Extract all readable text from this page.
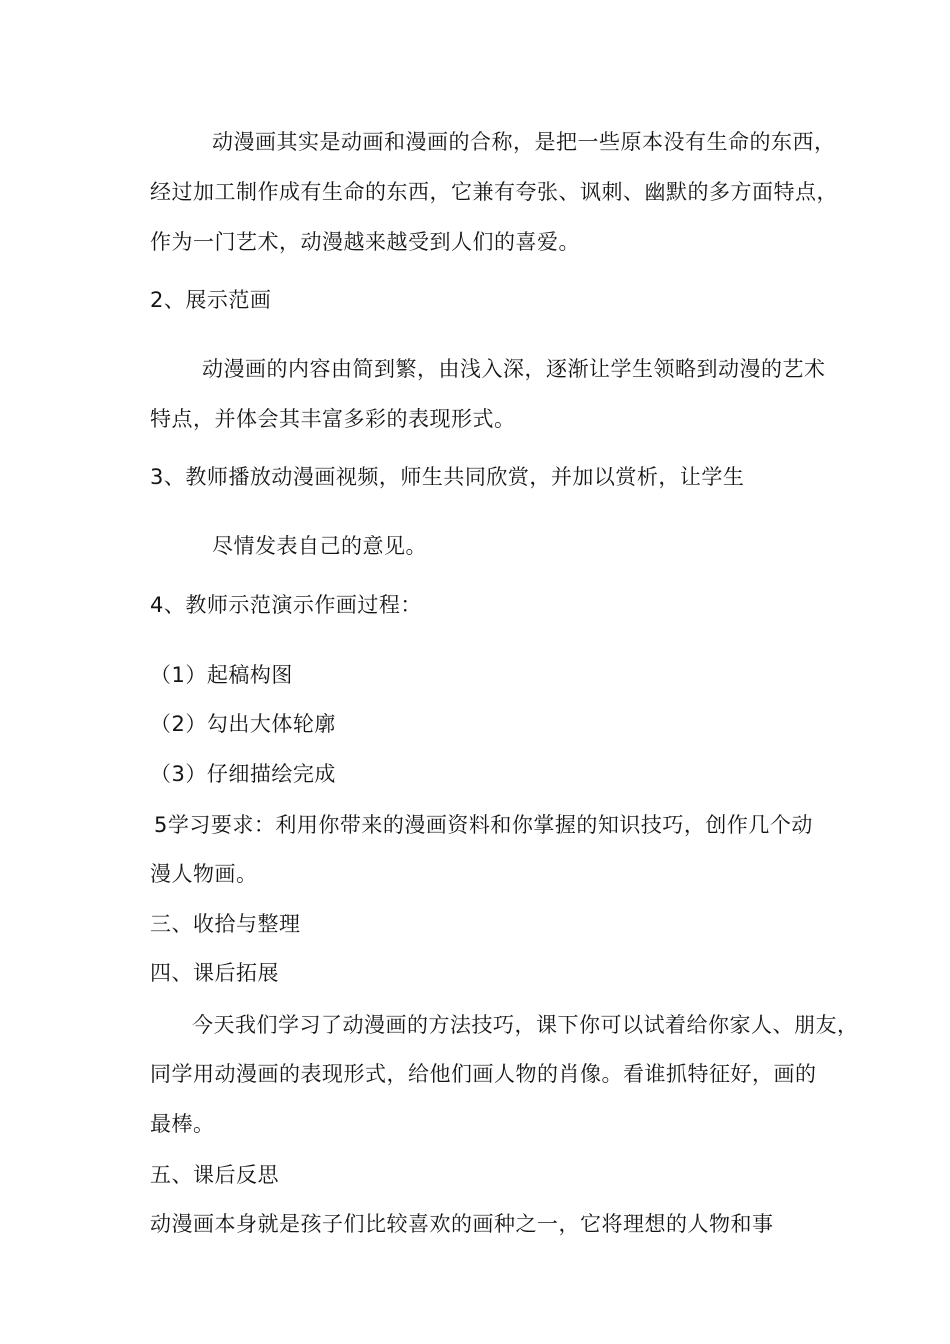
动漫画其实是动画和漫画的合称，是把一些原本没有生命的东西，
经过加工制作成有生命的东西，它兼有夸张、讽刺、幽默的多方面特点，
作为一门艺术，动漫越来越受到人们的喜爱。
2、展示范画
动漫画的内容由简到繁，由浅入深，逐渐让学生领略到动漫的艺术
特点，并体会其丰富多彩的表现形式。
3、教师播放动漫画视频，师生共同欣赏，并加以赏析，让学生
尽情发表自己的意见。
4、教师示范演示作画过程：
（1）起稿构图
（2）勾出大体轮廓
（3）仔细描绘完成
5学习要求：利用你带来的漫画资料和你掌握的知识技巧，创作几个动
漫人物画。
三、收拾与整理
四、课后拓展
今天我们学习了动漫画的方法技巧，课下你可以试着给你家人、朋友，
同学用动漫画的表现形式，给他们画人物的肖像。看谁抓特征好，画的
最棒。
五、课后反思
动漫画本身就是孩子们比较喜欢的画种之一，它将理想的人物和事
